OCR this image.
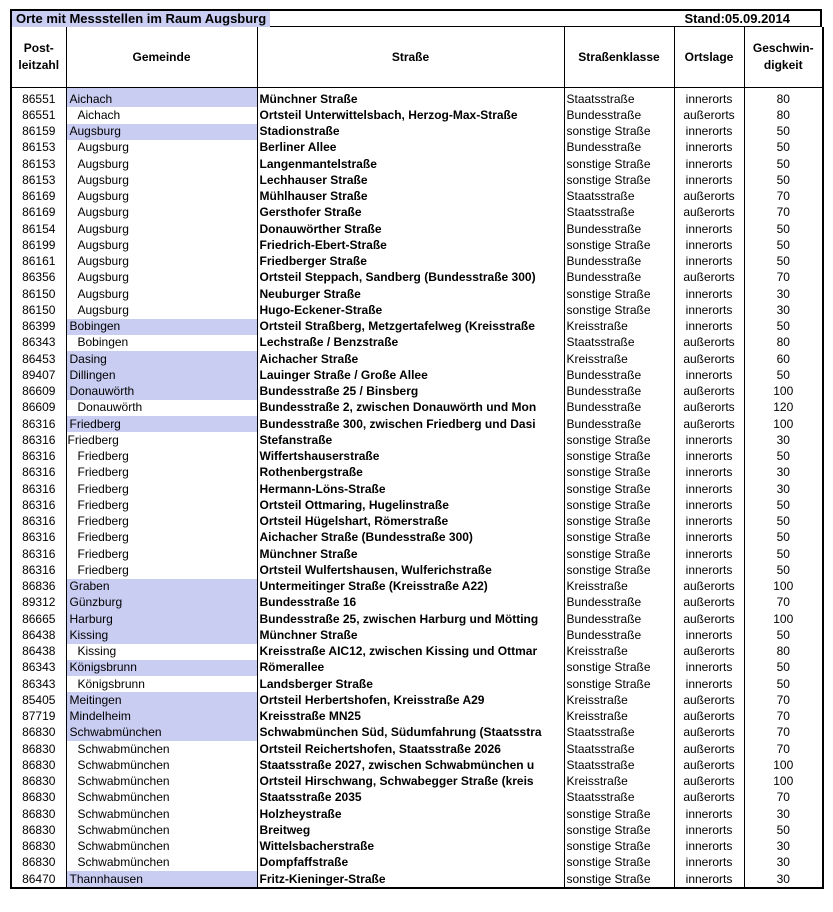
Orte mit Messstellen im Raum Augsburg	Stand:05.09.2014
Post-
leitzahl	Gemeinde	Straße	Straßenklasse	Ortslage	Geschwin-
digkeit
86551	Aichach	Münchner Straße	Staatsstraße	innerorts	80
86551	Aichach	Ortsteil Unterwittelsbach, Herzog-Max-Straße	Bundesstraße	außerorts	80
86159	Augsburg	Stadionstraße	sonstige Straße	innerorts	50
86153	Augsburg	Berliner Allee	Bundesstraße	innerorts	50
86153	Augsburg	Langenmantelstraße	sonstige Straße	innerorts	50
86153	Augsburg	Lechhauser Straße	sonstige Straße	innerorts	50
86169	Augsburg	Mühlhauser Straße	Staatsstraße	außerorts	70
86169	Augsburg	Gersthofer Straße	Staatsstraße	außerorts	70
86154	Augsburg	Donauwörther Straße	Bundesstraße	innerorts	50
86199	Augsburg	Friedrich-Ebert-Straße	sonstige Straße	innerorts	50
86161	Augsburg	Friedberger Straße	Bundesstraße	innerorts	50
86356	Augsburg	Ortsteil Steppach, Sandberg (Bundesstraße 300)	Bundesstraße	außerorts	70
86150	Augsburg	Neuburger Straße	sonstige Straße	innerorts	30
86150	Augsburg	Hugo-Eckener-Straße	sonstige Straße	innerorts	30
86399	Bobingen	Ortsteil Straßberg, Metzgertafelweg (Kreisstraße	Kreisstraße	innerorts	50
86343	Bobingen	Lechstraße / Benzstraße	Staatsstraße	außerorts	80
86453	Dasing	Aichacher Straße	Kreisstraße	außerorts	60
89407	Dillingen	Lauinger Straße / Große Allee	Bundesstraße	innerorts	50
86609	Donauwörth	Bundesstraße 25 / Binsberg	Bundesstraße	außerorts	100
86609	Donauwörth	Bundesstraße 2, zwischen Donauwörth und Mon	Bundesstraße	außerorts	120
86316	Friedberg	Bundesstraße 300, zwischen Friedberg und Dasi	Bundesstraße	außerorts	100
86316	Friedberg	Stefanstraße	sonstige Straße	innerorts	30
86316	Friedberg	Wiffertshauserstraße	sonstige Straße	innerorts	50
86316	Friedberg	Rothenbergstraße	sonstige Straße	innerorts	30
86316	Friedberg	Hermann-Löns-Straße	sonstige Straße	innerorts	30
86316	Friedberg	Ortsteil Ottmaring, Hugelinstraße	sonstige Straße	innerorts	50
86316	Friedberg	Ortsteil Hügelshart, Römerstraße	sonstige Straße	innerorts	50
86316	Friedberg	Aichacher Straße (Bundesstraße 300)	sonstige Straße	innerorts	50
86316	Friedberg	Münchner Straße	sonstige Straße	innerorts	50
86316	Friedberg	Ortsteil Wulfertshausen, Wulferichstraße	sonstige Straße	innerorts	50
86836	Graben	Untermeitinger Straße (Kreisstraße A22)	Kreisstraße	außerorts	100
89312	Günzburg	Bundesstraße 16	Bundesstraße	außerorts	70
86665	Harburg	Bundesstraße 25, zwischen Harburg und Mötting	Bundesstraße	außerorts	100
86438	Kissing	Münchner Straße	Bundesstraße	innerorts	50
86438	Kissing	Kreisstraße AIC12, zwischen Kissing und Ottmar	Kreisstraße	außerorts	80
86343	Königsbrunn	Römerallee	sonstige Straße	innerorts	50
86343	Königsbrunn	Landsberger Straße	sonstige Straße	innerorts	50
85405	Meitingen	Ortsteil Herbertshofen, Kreisstraße A29	Kreisstraße	außerorts	70
87719	Mindelheim	Kreisstraße MN25	Kreisstraße	außerorts	70
86830	Schwabmünchen	Schwabmünchen Süd, Südumfahrung (Staatsstra	Staatsstraße	außerorts	70
86830	Schwabmünchen	Ortsteil Reichertshofen, Staatsstraße 2026	Staatsstraße	außerorts	70
86830	Schwabmünchen	Staatsstraße 2027, zwischen Schwabmünchen u	Staatsstraße	außerorts	100
86830	Schwabmünchen	Ortsteil Hirschwang, Schwabegger Straße (kreis	Kreisstraße	außerorts	100
86830	Schwabmünchen	Staatsstraße 2035	Staatsstraße	außerorts	70
86830	Schwabmünchen	Holzheystraße	sonstige Straße	innerorts	30
86830	Schwabmünchen	Breitweg	sonstige Straße	innerorts	50
86830	Schwabmünchen	Wittelsbacherstraße	sonstige Straße	innerorts	30
86830	Schwabmünchen	Dompfaffstraße	sonstige Straße	innerorts	30
86470	Thannhausen	Fritz-Kieninger-Straße	sonstige Straße	innerorts	30
